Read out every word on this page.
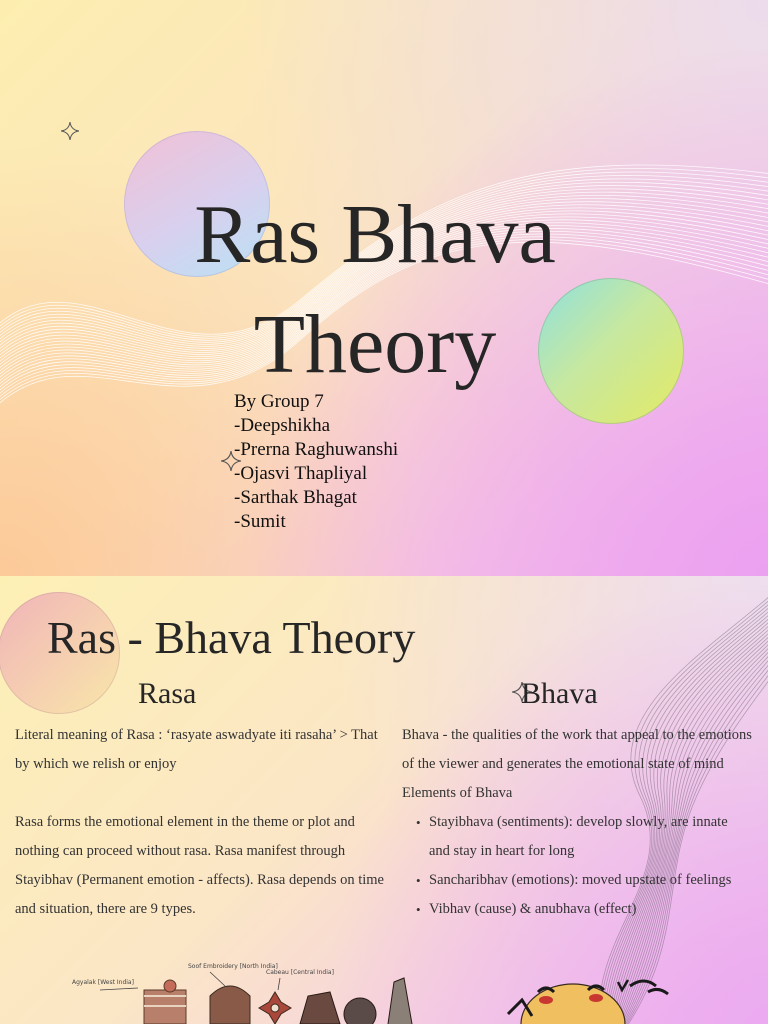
Ras Bhava
Theory
By Group 7
-Deepshikha
-Prerna Raghuwanshi
-Ojasvi Thapliyal
-Sarthak Bhagat
-Sumit
Ras - Bhava Theory
Rasa	Bhava

Literal meaning of Rasa : ‘rasyate aswadyate iti rasaha’ > That by which we relish or enjoy

Rasa forms the emotional element in the theme or plot and nothing can proceed without rasa. Rasa manifest through Stayibhav (Permanent emotion - affects). Rasa depends on time and situation, there are 9 types.

Bhava - the qualities of the work that appeal to the emotions of the viewer and generates the emotional state of mind

Elements of Bhava

• Stayibhava (sentiments): develop slowly, are innate and stay in heart for long
• Sancharibhav (emotions): moved upstate of feelings
• Vibhav (cause) & anubhava (effect)
Agyalak [West India]
Soof Embroidery [North India]
Cabeau [Central India]
